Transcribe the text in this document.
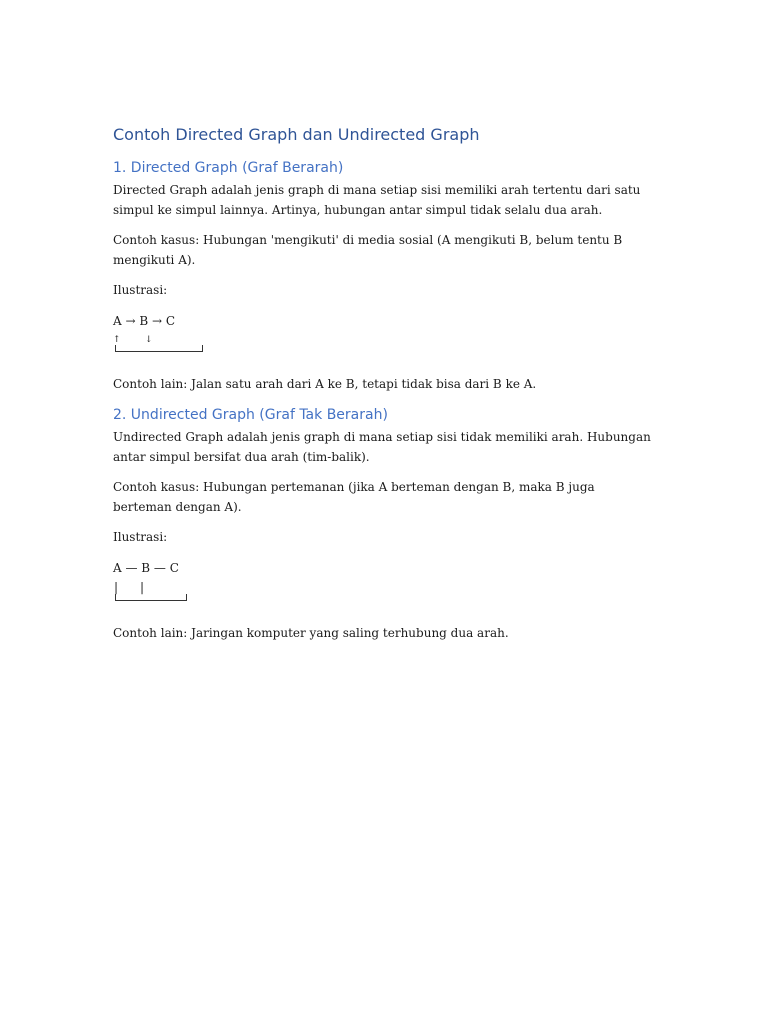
Contoh Directed Graph dan Undirected Graph
1. Directed Graph (Graf Berarah)

Directed Graph adalah jenis graph di mana setiap sisi memiliki arah tertentu dari satu simpul ke simpul lainnya. Artinya, hubungan antar simpul tidak selalu dua arah.

Contoh kasus: Hubungan 'mengikuti' di media sosial (A mengikuti B, belum tentu B mengikuti A).

Ilustrasi:

A → B → C

↑

	↓

Contoh lain: Jalan satu arah dari A ke B, tetapi tidak bisa dari B ke A.

2. Undirected Graph (Graf Tak Berarah)

Undirected Graph adalah jenis graph di mana setiap sisi tidak memiliki arah. Hubungan antar simpul bersifat dua arah (tim-balik).

Contoh kasus: Hubungan pertemanan (jika A berteman dengan B, maka B juga berteman dengan A).

Ilustrasi:

A — B — C

|

|

Contoh lain: Jaringan komputer yang saling terhubung dua arah.
